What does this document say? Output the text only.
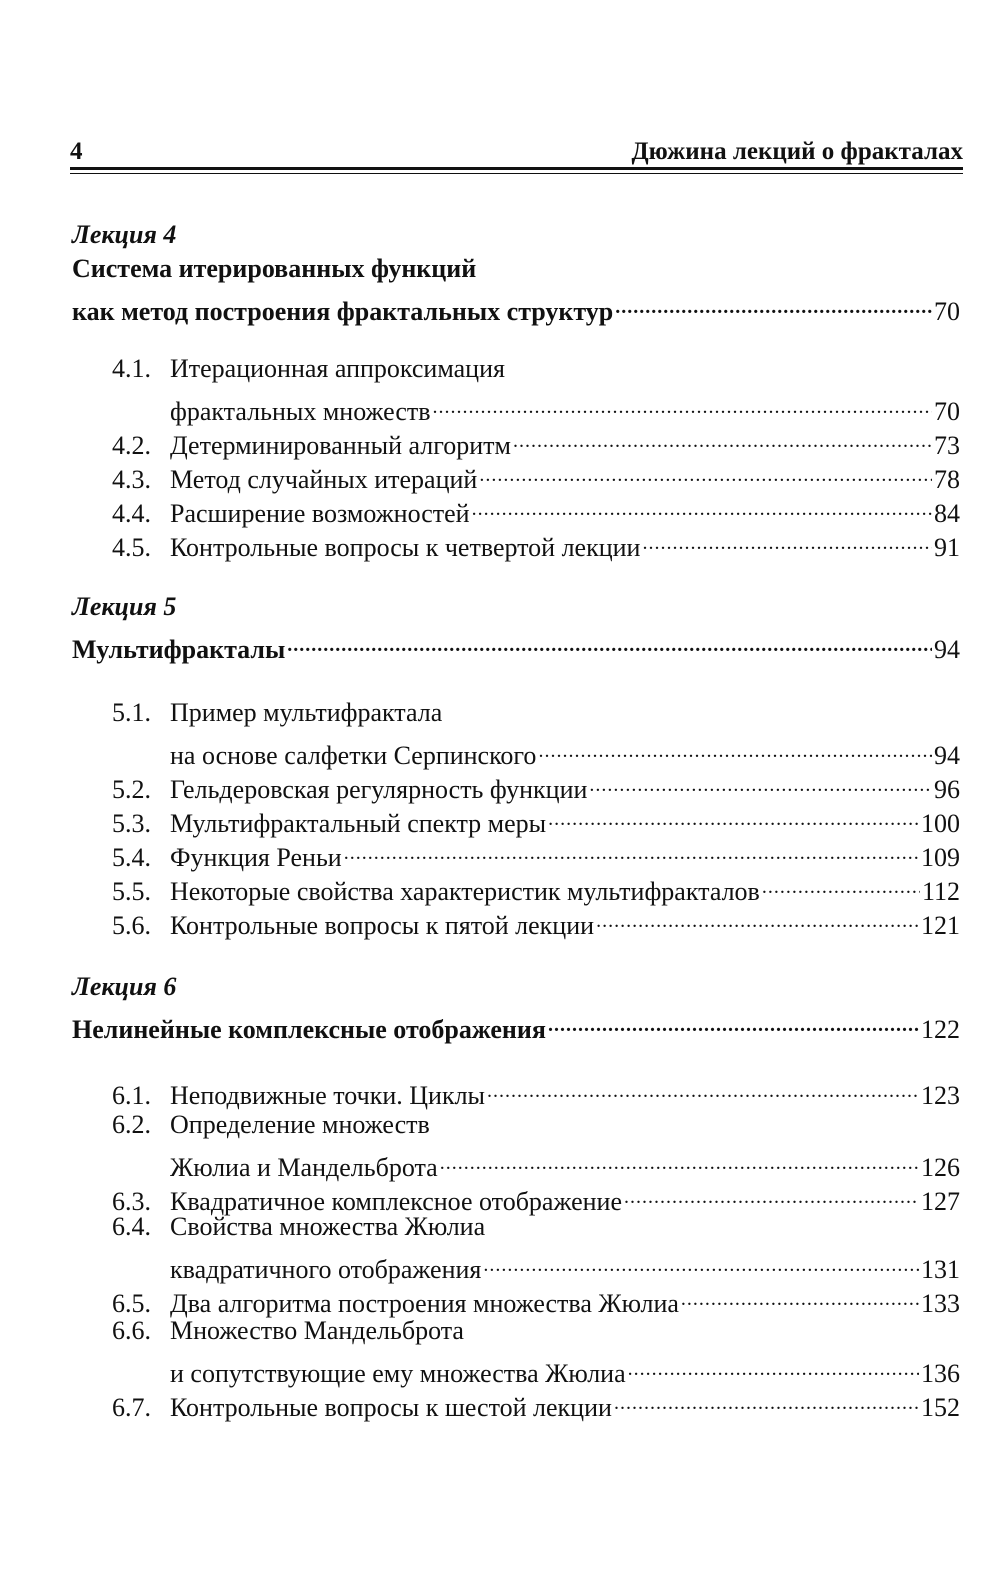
4	Дюжина лекций о фракталах
Лекция 4
Система итерированных функций
как метод построения фрактальных структур .....	70
4.1. Итерационная аппроксимация
фрактальных множеств .....	70
4.2. Детерминированный алгоритм .....	73
4.3. Метод случайных итераций .....	78
4.4. Расширение возможностей .....	84
4.5. Контрольные вопросы к четвертой лекции .....	91
Лекция 5
Мультифракталы .....	94
5.1. Пример мультифрактала
на основе салфетки Серпинского .....	94
5.2. Гельдеровская регулярность функции .....	96
5.3. Мультифрактальный спектр меры .....	100
5.4. Функция Реньи .....	109
5.5. Некоторые свойства характеристик мультифракталов .....	112
5.6. Контрольные вопросы к пятой лекции .....	121
Лекция 6
Нелинейные комплексные отображения .....	122
6.1. Неподвижные точки. Циклы .....	123
6.2. Определение множеств
Жюлиа и Мандельброта .....	126
6.3. Квадратичное комплексное отображение .....	127
6.4. Свойства множества Жюлиа
квадратичного отображения .....	131
6.5. Два алгоритма построения множества Жюлиа .....	133
6.6. Множество Мандельброта
и сопутствующие ему множества Жюлиа .....	136
6.7. Контрольные вопросы к шестой лекции .....	152
